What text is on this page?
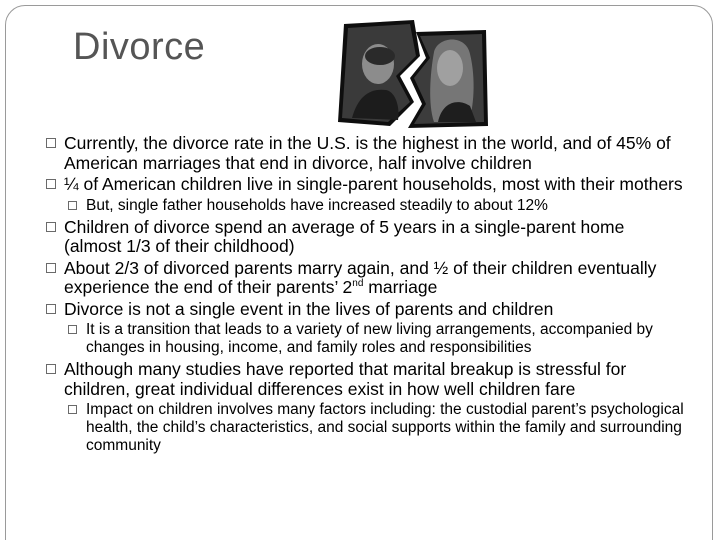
Divorce
Currently, the divorce rate in the U.S. is the highest in the world, and of 45% of American marriages that end in divorce, half involve children
¼ of American children live in single-parent households, most with their mothers
But, single father households have increased steadily to about 12%
Children of divorce spend an average of 5 years in a single-parent home (almost 1/3 of their childhood)
About 2/3 of divorced parents marry again, and ½ of their children eventually experience the end of their parents’ 2nd marriage
Divorce is not a single event in the lives of parents and children
It is a transition that leads to a variety of new living arrangements, accompanied by changes in housing, income, and family roles and responsibilities
Although many studies have reported that marital breakup is stressful for children, great individual differences exist in how well children fare
Impact on children involves many factors including: the custodial parent’s psychological health, the child’s characteristics, and social supports within the family and surrounding community
